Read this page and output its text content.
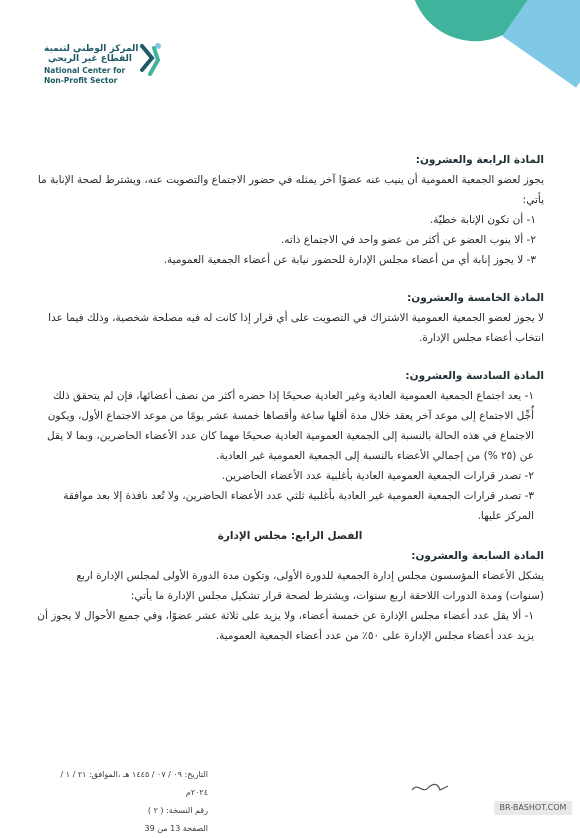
المركز الوطني لتنمية
القطاع غير الربحي
National Center for
Non-Profit Sector

المادة الرابعة والعشرون:

يجوز لعضو الجمعية العمومية أن ينيب عنه عضوًا آخر يمثله في حضور الاجتماع والتصويت عنه، ويشترط لصحة الإنابة ما يأتي:

١- أن تكون الإنابة خطيّة.

٢- ألا ينوب العضو عن أكثر من عضو واحد في الاجتماع ذاته.

٣- لا يجوز إنابة أي من أعضاء مجلس الإدارة للحضور نيابة عن أعضاء الجمعية العمومية.

المادة الخامسة والعشرون:

لا يجوز لعضو الجمعية العمومية الاشتراك في التصويت على أي قرار إذا كانت له فيه مصلحة شخصية، وذلك فيما عدا انتخاب أعضاء مجلس الإدارة.

المادة السادسة والعشرون:

١- يعد اجتماع الجمعية العمومية العادية وغير العادية صحيحًا إذا حضره أكثر من نصف أعضائها، فإن لم يتحقق ذلك أُجِّل الاجتماع إلى موعد آخر يعقد خلال مدة أقلها ساعة وأقصاها خمسة عشر يومًا من موعد الاجتماع الأول، ويكون الاجتماع في هذه الحالة بالنسبة إلى الجمعية العمومية العادية صحيحًا مهما كان عدد الأعضاء الحاضرين، وبما لا يقل عن (٢٥ %) من إجمالي الأعضاء بالنسبة إلى الجمعية العمومية غير العادية.

٢- تصدر قرارات الجمعية العمومية العادية بأغلبية عدد الأعضاء الحاضرين.

٣- تصدر قرارات الجمعية العمومية غير العادية بأغلبية ثلثي عدد الأعضاء الحاضرين، ولا تُعد نافذة إلا بعد موافقة المركز عليها.

الفصل الرابع: مجلس الإدارة

المادة السابعة والعشرون:

يشكل الأعضاء المؤسسون مجلس إدارة الجمعية للدورة الأولى، وتكون مدة الدورة الأولى لمجلس الإدارة اربع (سنوات) ومدة الدورات اللاحقة اربع سنوات، ويشترط لصحة قرار تشكيل مجلس الإدارة ما يأتي:

١- ألا يقل عدد أعضاء مجلس الإدارة عن خمسة أعضاء، ولا يزيد على ثلاثة عشر عضوًا، وفي جميع الأحوال لا يجوز أن يزيد عدد أعضاء مجلس الإدارة على ٥٠٪ من عدد أعضاء الجمعية العمومية.

التاريخ: ٠٩ / ٠٧ / ١٤٤٥ هـ ،الموافق: ٢١ / ١ / ٢٠٢٤م
رقم النسخة: ( ٢ )
الصفحة 13 من 39
BR-BASHOT.COM
